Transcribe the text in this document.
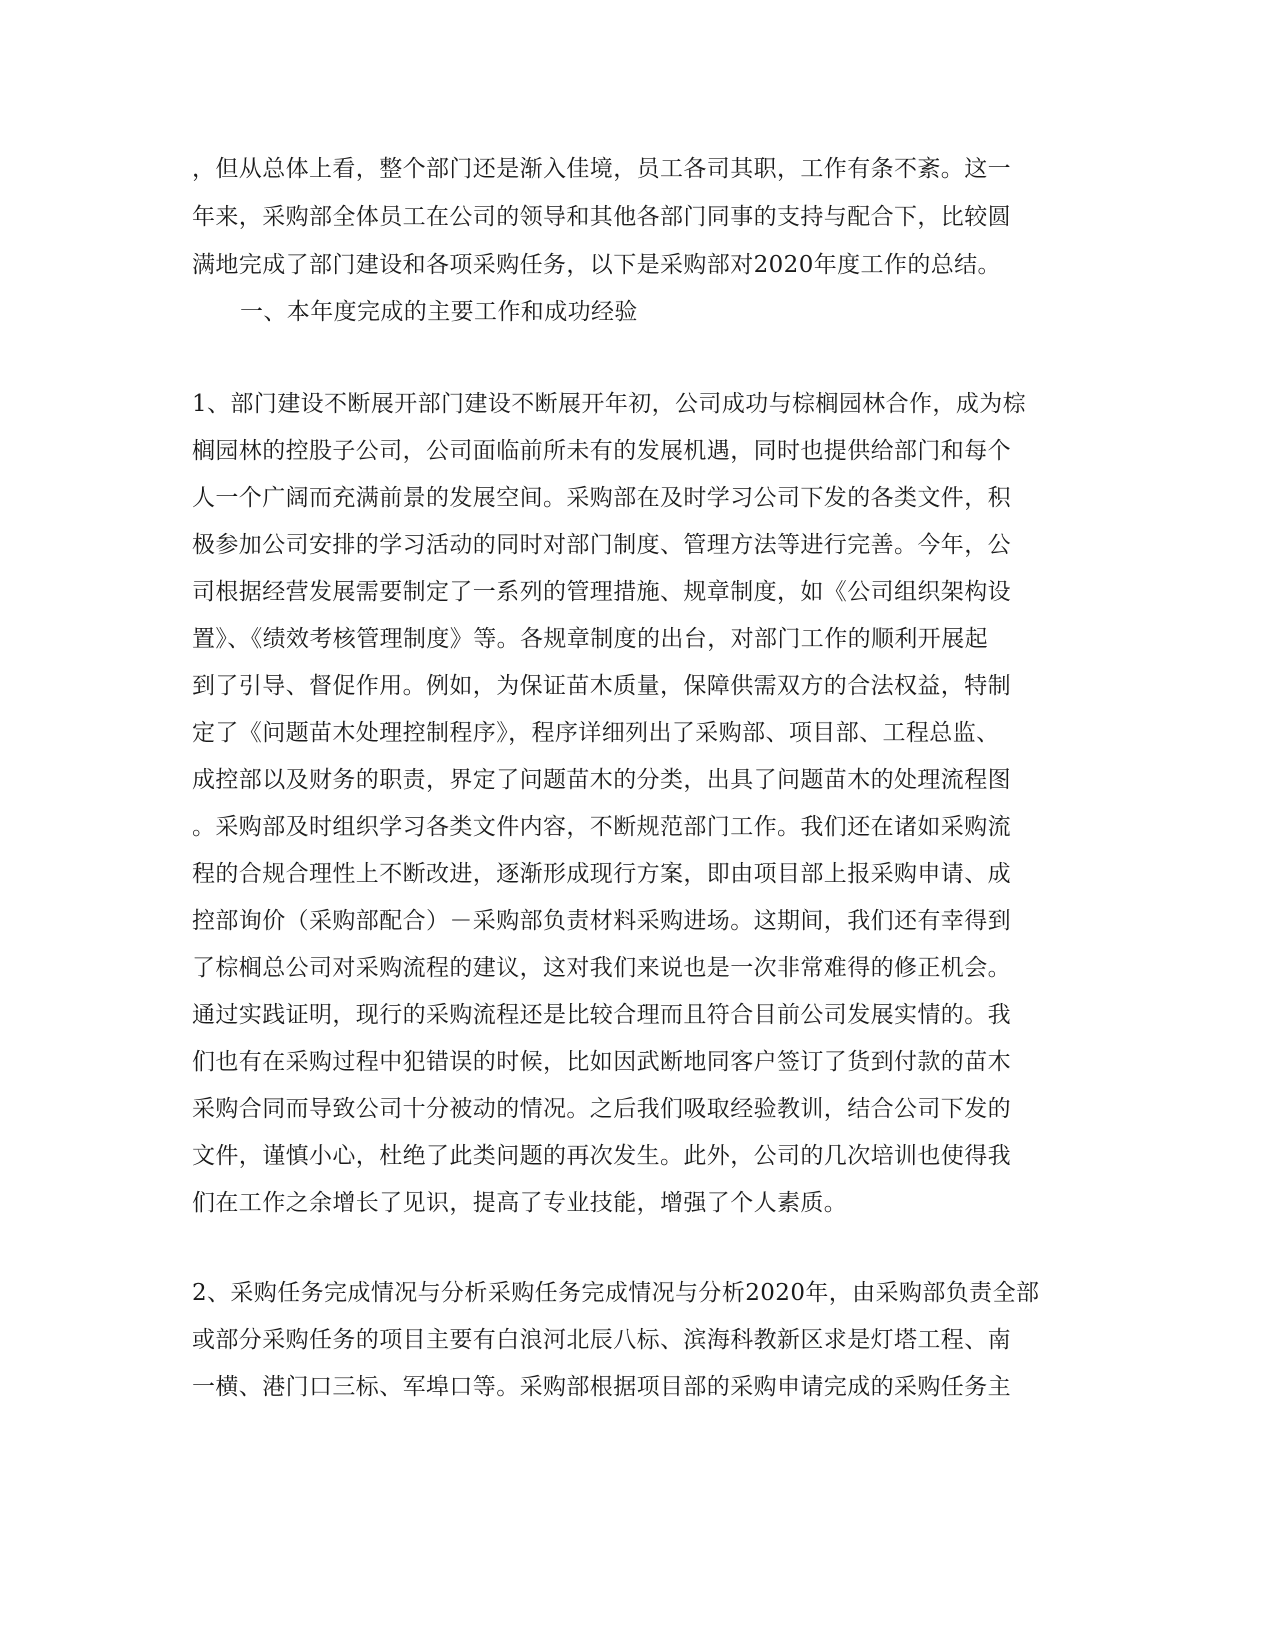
，但从总体上看，整个部门还是渐入佳境，员工各司其职，工作有条不紊。这一
年来，采购部全体员工在公司的领导和其他各部门同事的支持与配合下，比较圆
满地完成了部门建设和各项采购任务，以下是采购部对2020年度工作的总结。
一、本年度完成的主要工作和成功经验
1、部门建设不断展开部门建设不断展开年初，公司成功与棕榈园林合作，成为棕
榈园林的控股子公司，公司面临前所未有的发展机遇，同时也提供给部门和每个
人一个广阔而充满前景的发展空间。采购部在及时学习公司下发的各类文件，积
极参加公司安排的学习活动的同时对部门制度、管理方法等进行完善。今年，公
司根据经营发展需要制定了一系列的管理措施、规章制度，如《公司组织架构设
置》、《绩效考核管理制度》等。各规章制度的出台，对部门工作的顺利开展起
到了引导、督促作用。例如，为保证苗木质量，保障供需双方的合法权益，特制
定了《问题苗木处理控制程序》，程序详细列出了采购部、项目部、工程总监、
成控部以及财务的职责，界定了问题苗木的分类，出具了问题苗木的处理流程图
。采购部及时组织学习各类文件内容，不断规范部门工作。我们还在诸如采购流
程的合规合理性上不断改进，逐渐形成现行方案，即由项目部上报采购申请、成
控部询价（采购部配合）－采购部负责材料采购进场。这期间，我们还有幸得到
了棕榈总公司对采购流程的建议，这对我们来说也是一次非常难得的修正机会。
通过实践证明，现行的采购流程还是比较合理而且符合目前公司发展实情的。我
们也有在采购过程中犯错误的时候，比如因武断地同客户签订了货到付款的苗木
采购合同而导致公司十分被动的情况。之后我们吸取经验教训，结合公司下发的
文件，谨慎小心，杜绝了此类问题的再次发生。此外，公司的几次培训也使得我
们在工作之余增长了见识，提高了专业技能，增强了个人素质。
2、采购任务完成情况与分析采购任务完成情况与分析2020年，由采购部负责全部
或部分采购任务的项目主要有白浪河北辰八标、滨海科教新区求是灯塔工程、南
一横、港门口三标、军埠口等。采购部根据项目部的采购申请完成的采购任务主
